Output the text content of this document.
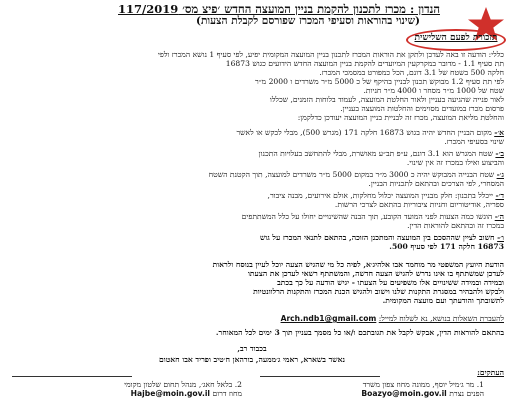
הנדון : מכרז לתכנון להקמת בניין המועצה החדש ׳פיצ מס׳ 117/2019

(שינוי בהוראות וסעיפי המכרז שפורסם לקבלת הצעות)

תזכורת לפעם השלישית

כללי: הודעה זו באה לעדכן ולתקן את הוראות המכרז לתכנון בניין המועצה המקומית יפיע, לפי סעיף 1 נושא המכרז ולפי

תת סעיף 1.1 - מדובר במקרקעין המיועדים להקמת בניין המועצה החדש הידועים כגוש 16873

חלקה 500 בשטח של 3.1 דונם, הכל כמפורט במסמכי המכרז.

לפי תת סעיף 1.2 מבוקש תכנון לבניין בהיקף של כ 5000 מ״ר משרדים ו 2000 מ״ר

שטח של 1000 מ״ר מסחר ו 4000 מ״ר חניות.

לאור פנייה שהגיעה בעניין ולאור החלטת המועצה, לעמוד בלוחות הזמנים, שכללו

פרסום מכרז במועדים מסוימים והחלטות המועצה בעניין.

והחלטת מליאת המועצה, מכרז זה לבניית בניין המועצה יעודכן כדלקמן:

א׳- מקום הבניין החדש יהיה בגוש 16873 חלקה 171 (מגרש 500), מבלי לבקש או לאשר

שינוי בסעיפי המכרז.

ב׳- שטח המגרש הוא 3.1 דונם, ע״פ תב״ע מאושרת, מבלי להתחשב בעלויות התכנון

והביצוע ואילו במכרז זה אין שינוי.

ג׳- שטח הבנייה המבוקש יהיה כ 3000 מ״ר במקום 5000 מ״ר משרדים למועצה, תוך הקטנת השטח

המסחרי, לפי הצרכים ובהתאם לתכניות הבניין.

ד׳- ייכלל בתכנון: חלק מבניין המועצה יכלול מחלקות, אולם אירועים, מבנה ציבור,

ספריה, אודיטוריום וחניות ציבוריות בהתאם לצרכי הרשות.

ה׳- הוגשו כמה הצעות לפני המועד הקובע, תוך הבנה שהשינויים יחולו על כלל המשתתפים

במכרז זה ובהתאם להוראות הדין.

ו׳- חשוב לציין שההסכם בין המועצה והמתכנן הזוכה, בהתאם לתנאי המכרז על גוש

16873 חלקה 171 לפי סעיף 500.

הודעת היועץ המשפטי מר מוחמד אבו אלהיג׳א, לפיה כל מי שהגיש הצעה יוכל לעיין בנוסח ולראות

לעדכן שמשתתף בו אינו נדרש להגיש הצעה חדשה, והמשתתף רשאי לעדכן את הצעתו

ובמידה ובמידה ששינויים אלו משפיעים על הצעתו - יגיש הודעה על כך בכתב

ולבקש ולהבהיר במסגרת התקנות שלנו וישוב ולהגיש הכנת המכרז והתקנות הרלוונטיות

לתשובתך והודעתך ועם מועצה המקומית.

להעברת השאלות בנושא, נא לשלוח למייל: Arch.ndb1@gmail.com

בהתאם להוראות הדין, אבקש לקבל את תגובתכם ו/או כל מסמך בעניין תוך 3 ימים לכל המאוחר.

בכבוד רב,

נאשד בשארא, ראמי ג׳ממעה, בורהאן ח׳טיב ופריד אבו חאטום

העתקים:

1. מר ג׳מיל יוסף, ממונה מחוז צפון משרד

הפנים נצרת Boazyo@moin.gov.il

2. בלאל חאג׳, מנהל תחום שלטון מקומי

מחוז דרום Hajbe@moin.gov.il
